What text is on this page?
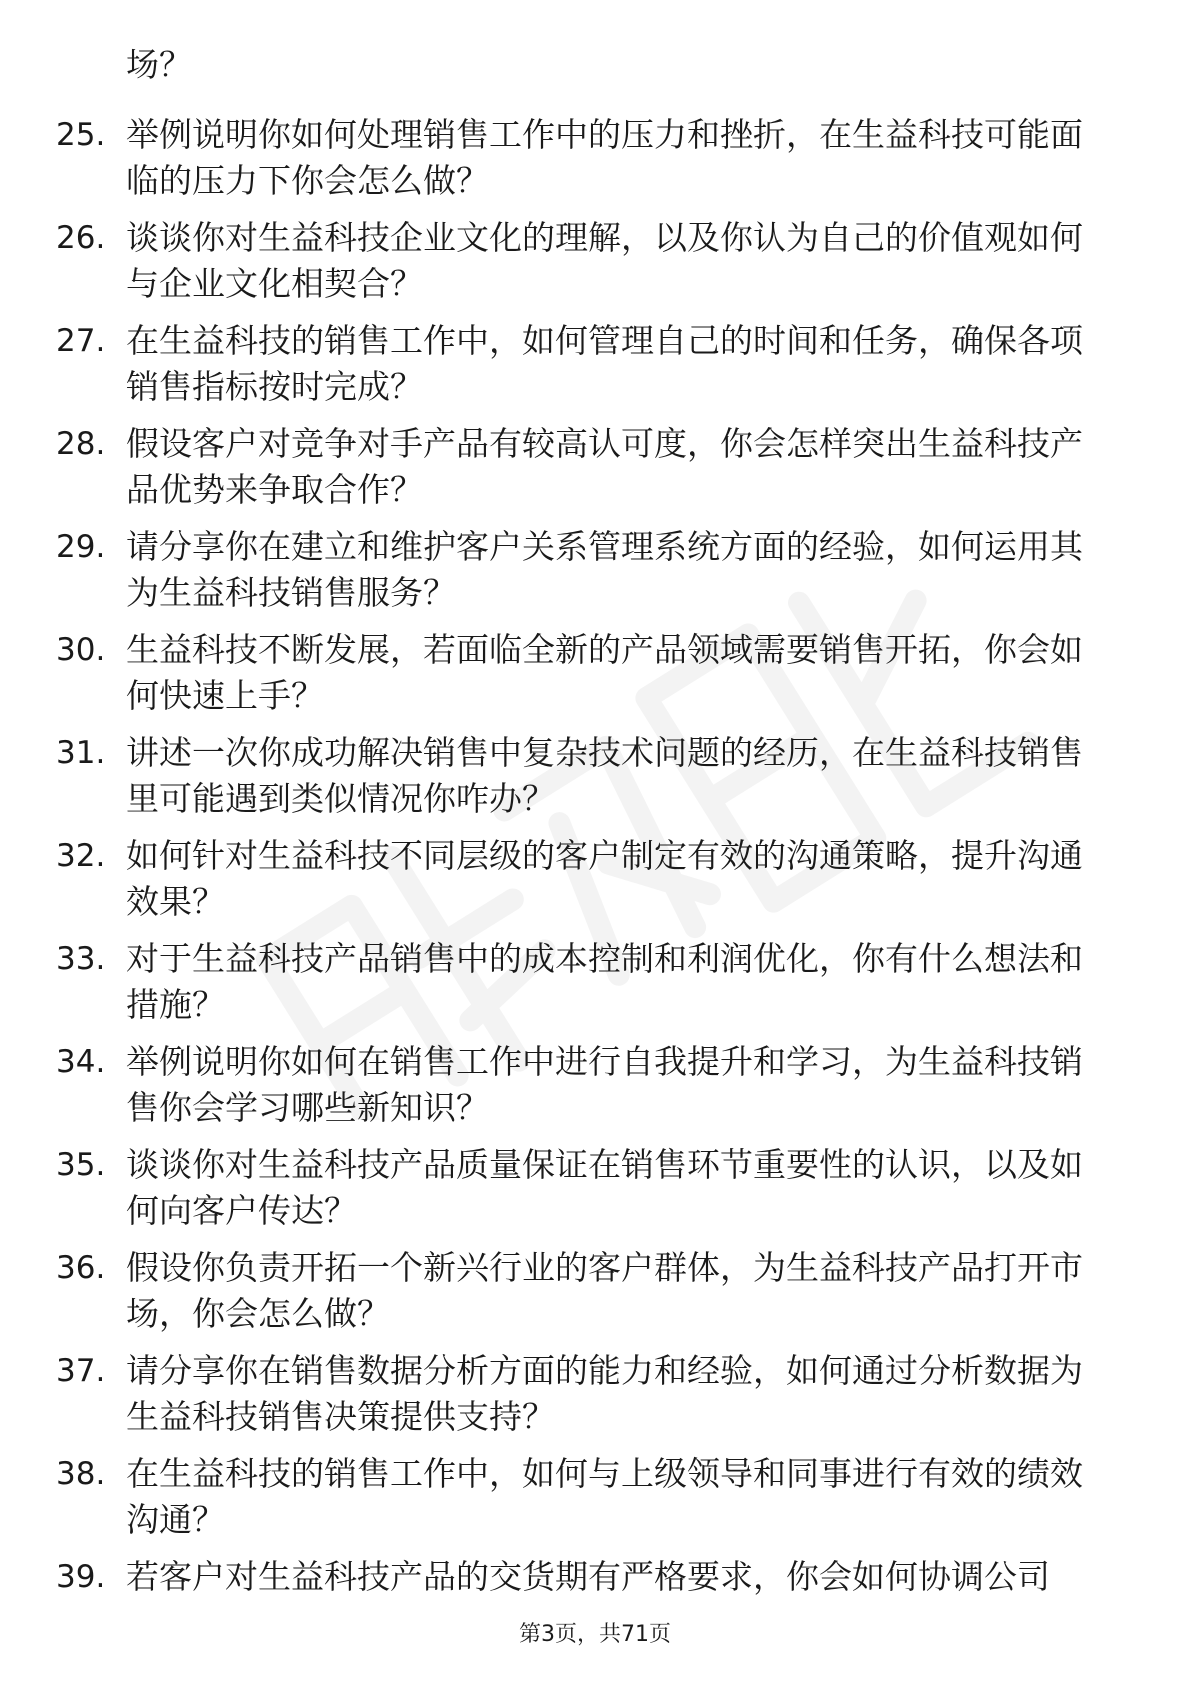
场？
25. 举例说明你如何处理销售工作中的压力和挫折，在生益科技可能面临的压力下你会怎么做？
26. 谈谈你对生益科技企业文化的理解，以及你认为自己的价值观如何与企业文化相契合？
27. 在生益科技的销售工作中，如何管理自己的时间和任务，确保各项销售指标按时完成？
28. 假设客户对竞争对手产品有较高认可度，你会怎样突出生益科技产品优势来争取合作？
29. 请分享你在建立和维护客户关系管理系统方面的经验，如何运用其为生益科技销售服务？
30. 生益科技不断发展，若面临全新的产品领域需要销售开拓，你会如何快速上手？
31. 讲述一次你成功解决销售中复杂技术问题的经历，在生益科技销售里可能遇到类似情况你咋办？
32. 如何针对生益科技不同层级的客户制定有效的沟通策略，提升沟通效果？
33. 对于生益科技产品销售中的成本控制和利润优化，你有什么想法和措施？
34. 举例说明你如何在销售工作中进行自我提升和学习，为生益科技销售你会学习哪些新知识？
35. 谈谈你对生益科技产品质量保证在销售环节重要性的认识，以及如何向客户传达？
36. 假设你负责开拓一个新兴行业的客户群体，为生益科技产品打开市场，你会怎么做？
37. 请分享你在销售数据分析方面的能力和经验，如何通过分析数据为生益科技销售决策提供支持？
38. 在生益科技的销售工作中，如何与上级领导和同事进行有效的绩效沟通？
39. 若客户对生益科技产品的交货期有严格要求，你会如何协调公司
第3页，共71页
